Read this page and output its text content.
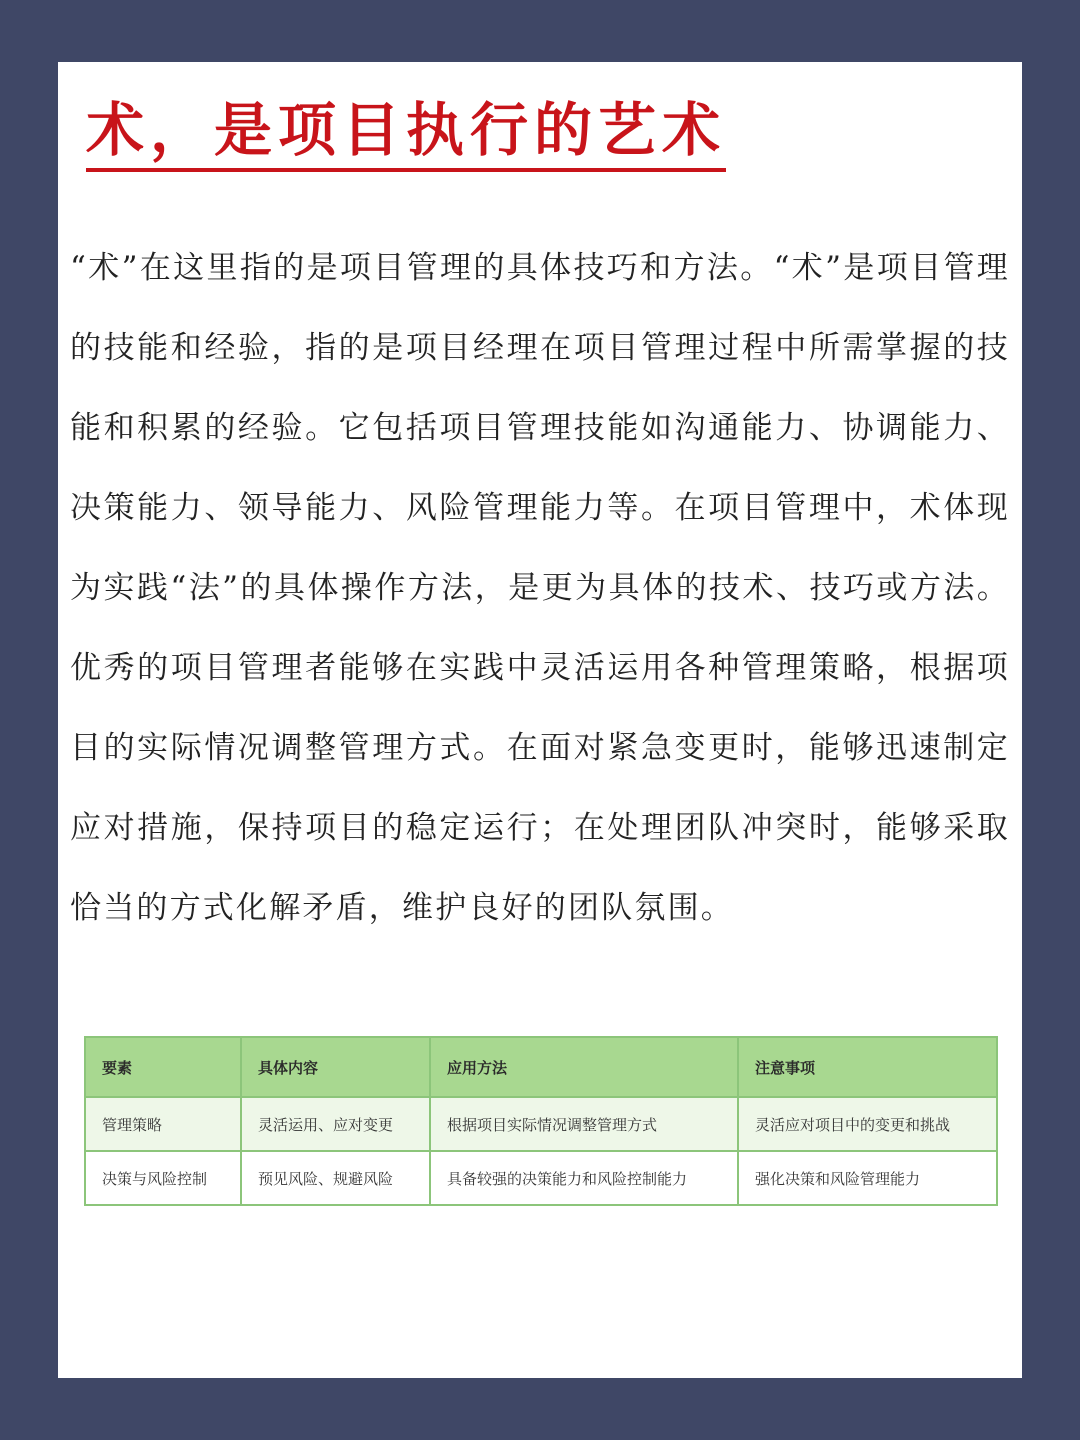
术，是项目执行的艺术

“术”在这里指的是项目管理的具体技巧和方法。“术”是项目管理的技能和经验，指的是项目经理在项目管理过程中所需掌握的技能和积累的经验。它包括项目管理技能如沟通能力、协调能力、决策能力、领导能力、风险管理能力等。在项目管理中，术体现为实践“法”的具体操作方法，是更为具体的技术、技巧或方法。优秀的项目管理者能够在实践中灵活运用各种管理策略，根据项目的实际情况调整管理方式。在面对紧急变更时，能够迅速制定应对措施，保持项目的稳定运行；在处理团队冲突时，能够采取恰当的方式化解矛盾，维护良好的团队氛围。

要素	具体内容	应用方法	注意事项
管理策略	灵活运用、应对变更	根据项目实际情况调整管理方式	灵活应对项目中的变更和挑战
决策与风险控制	预见风险、规避风险	具备较强的决策能力和风险控制能力	强化决策和风险管理能力
